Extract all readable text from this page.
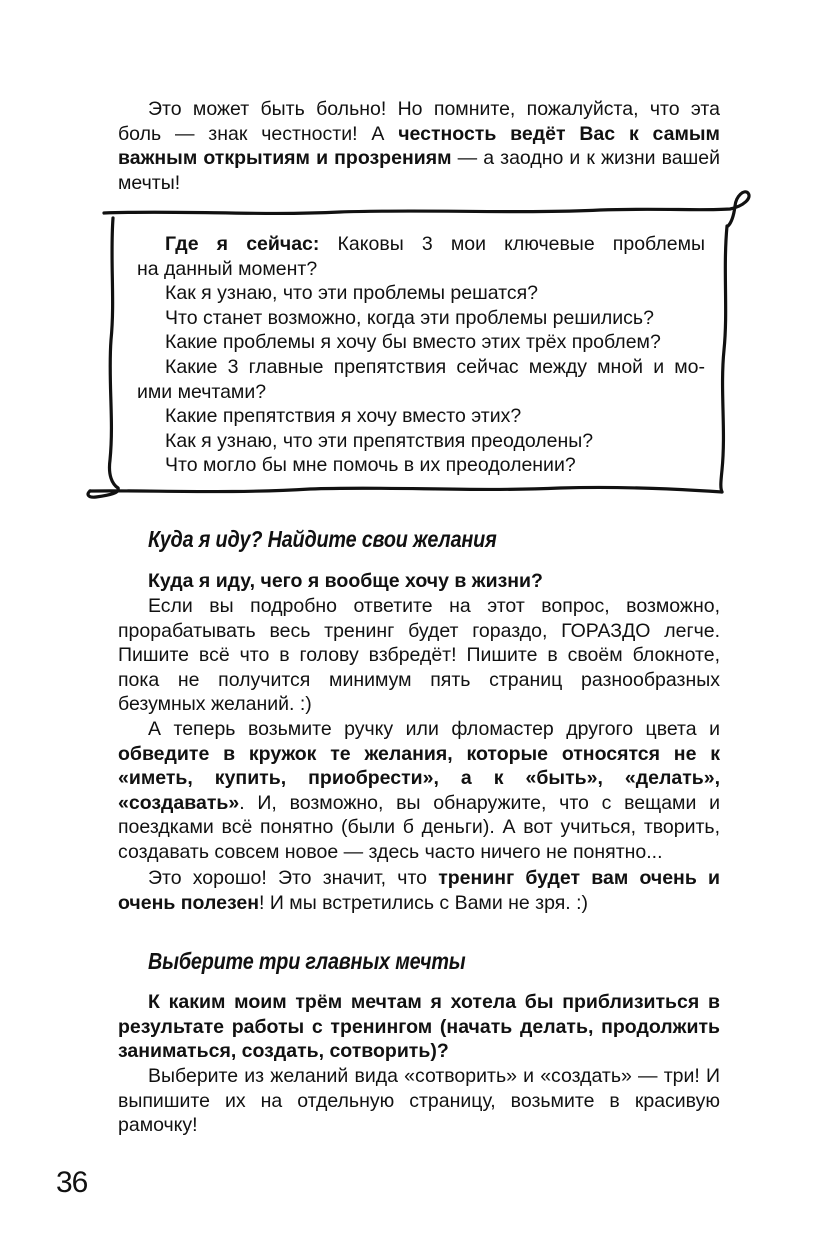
Это может быть больно! Но помните, пожалуйста, что эта боль — знак честности! А честность ведёт Вас к самым важным открытиям и прозрениям — а заодно и к жизни вашей мечты!

Где я сейчас: Каковы 3 мои ключевые проблемы
на данный момент?
Как я узнаю, что эти проблемы решатся?
Что станет возможно, когда эти проблемы решились?
Какие проблемы я хочу бы вместо этих трёх проблем?
Какие 3 главные препятствия сейчас между мной и мо-
ими мечтами?
Какие препятствия я хочу вместо этих?
Как я узнаю, что эти препятствия преодолены?
Что могло бы мне помочь в их преодолении?
Куда я иду? Найдите свои желания

Куда я иду, чего я вообще хочу в жизни?

Если вы подробно ответите на этот вопрос, возможно, прорабатывать весь тренинг будет гораздо, ГОРАЗДО легче. Пишите всё что в голову взбредёт! Пишите в своём блокноте, пока не получится минимум пять страниц разнообразных безумных желаний. :)

А теперь возьмите ручку или фломастер другого цвета и обведите в кружок те желания, которые относятся не к «иметь, купить, приобрести», а к «быть», «делать», «создавать». И, возможно, вы обнаружите, что с вещами и поездками всё понятно (были б деньги). А вот учиться, творить, создавать совсем новое — здесь часто ничего не понятно...

Это хорошо! Это значит, что тренинг будет вам очень и очень полезен! И мы встретились с Вами не зря. :)

Выберите три главных мечты

К каким моим трём мечтам я хотела бы приблизиться в результате работы с тренингом (начать делать, продолжить заниматься, создать, сотворить)?

Выберите из желаний вида «сотворить» и «создать» — три! И выпишите их на отдельную страницу, возьмите в красивую рамочку!

36
